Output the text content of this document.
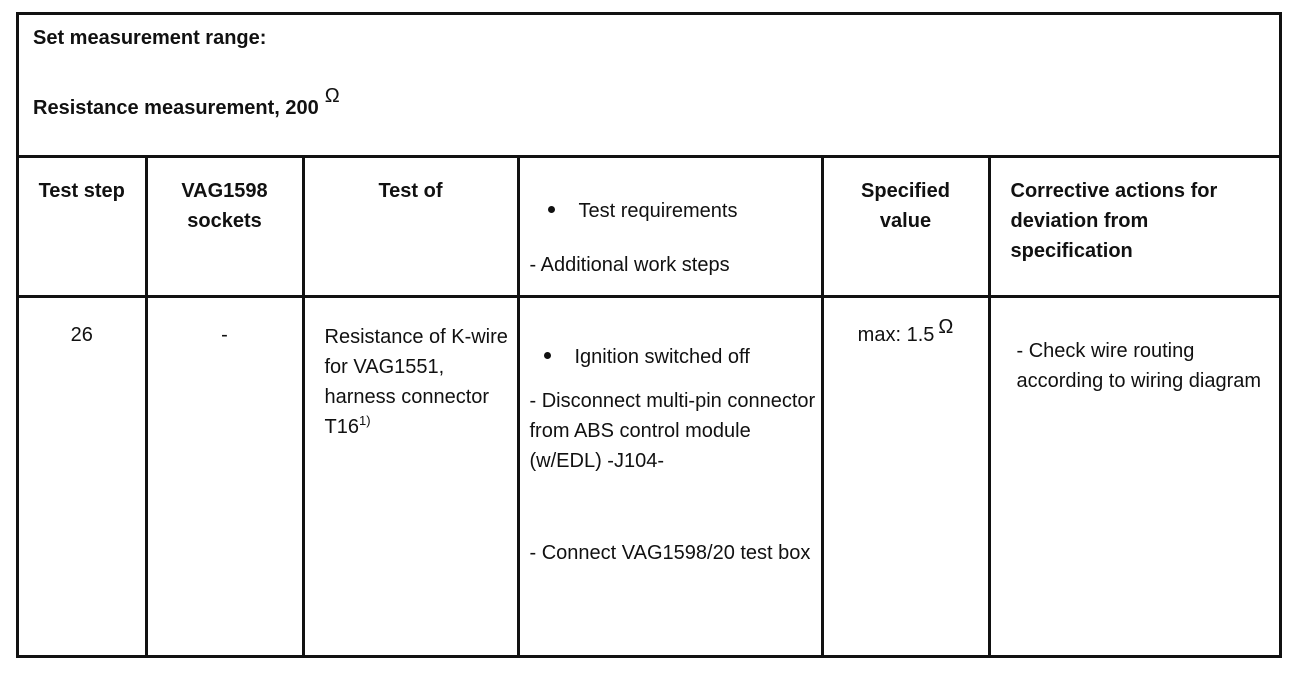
Set measurement range:
Resistance measurement, 200Ω
Test step	VAG1598 sockets	Test of	Test requirements
- Additional work steps	Specified value	Corrective actions for deviation from specification
26	-	Resistance of K-wire for VAG1551, harness connector T16$^{1)}$	Ignition switched off
- Disconnect multi-pin connector from ABS control module (w/EDL) -J104-
- Connect VAG1598/20 test box	max: 1.5 Ω	- Check wire routing according to wiring diagram
